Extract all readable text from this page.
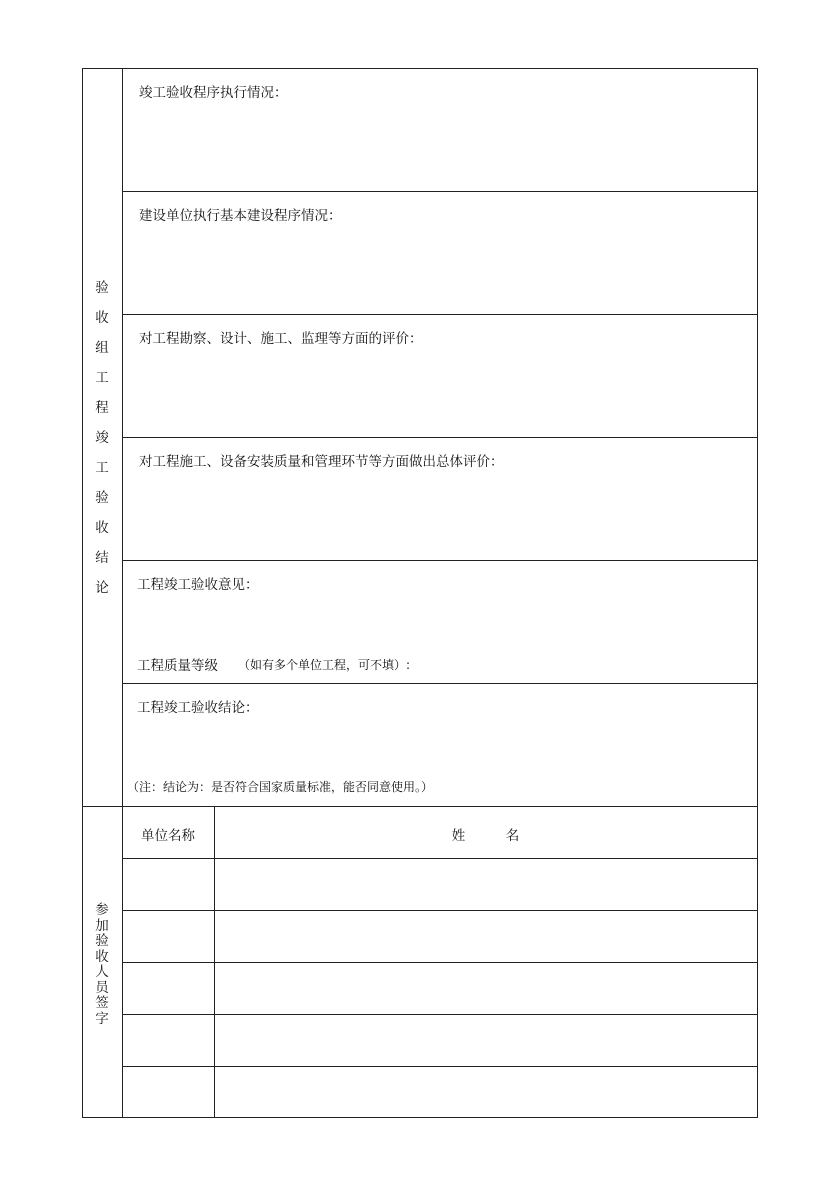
验收组工程竣工验收结论
竣工验收程序执行情况：
建设单位执行基本建设程序情况：
对工程勘察、设计、施工、监理等方面的评价：
对工程施工、设备安装质量和管理环节等方面做出总体评价：
工程竣工验收意见：
工程质量等级 （如有多个单位工程，可不填）:
工程竣工验收结论：
（注：结论为：是否符合国家质量标准，能否同意使用。）
参加验收人员签字
单位名称	姓　　　名
